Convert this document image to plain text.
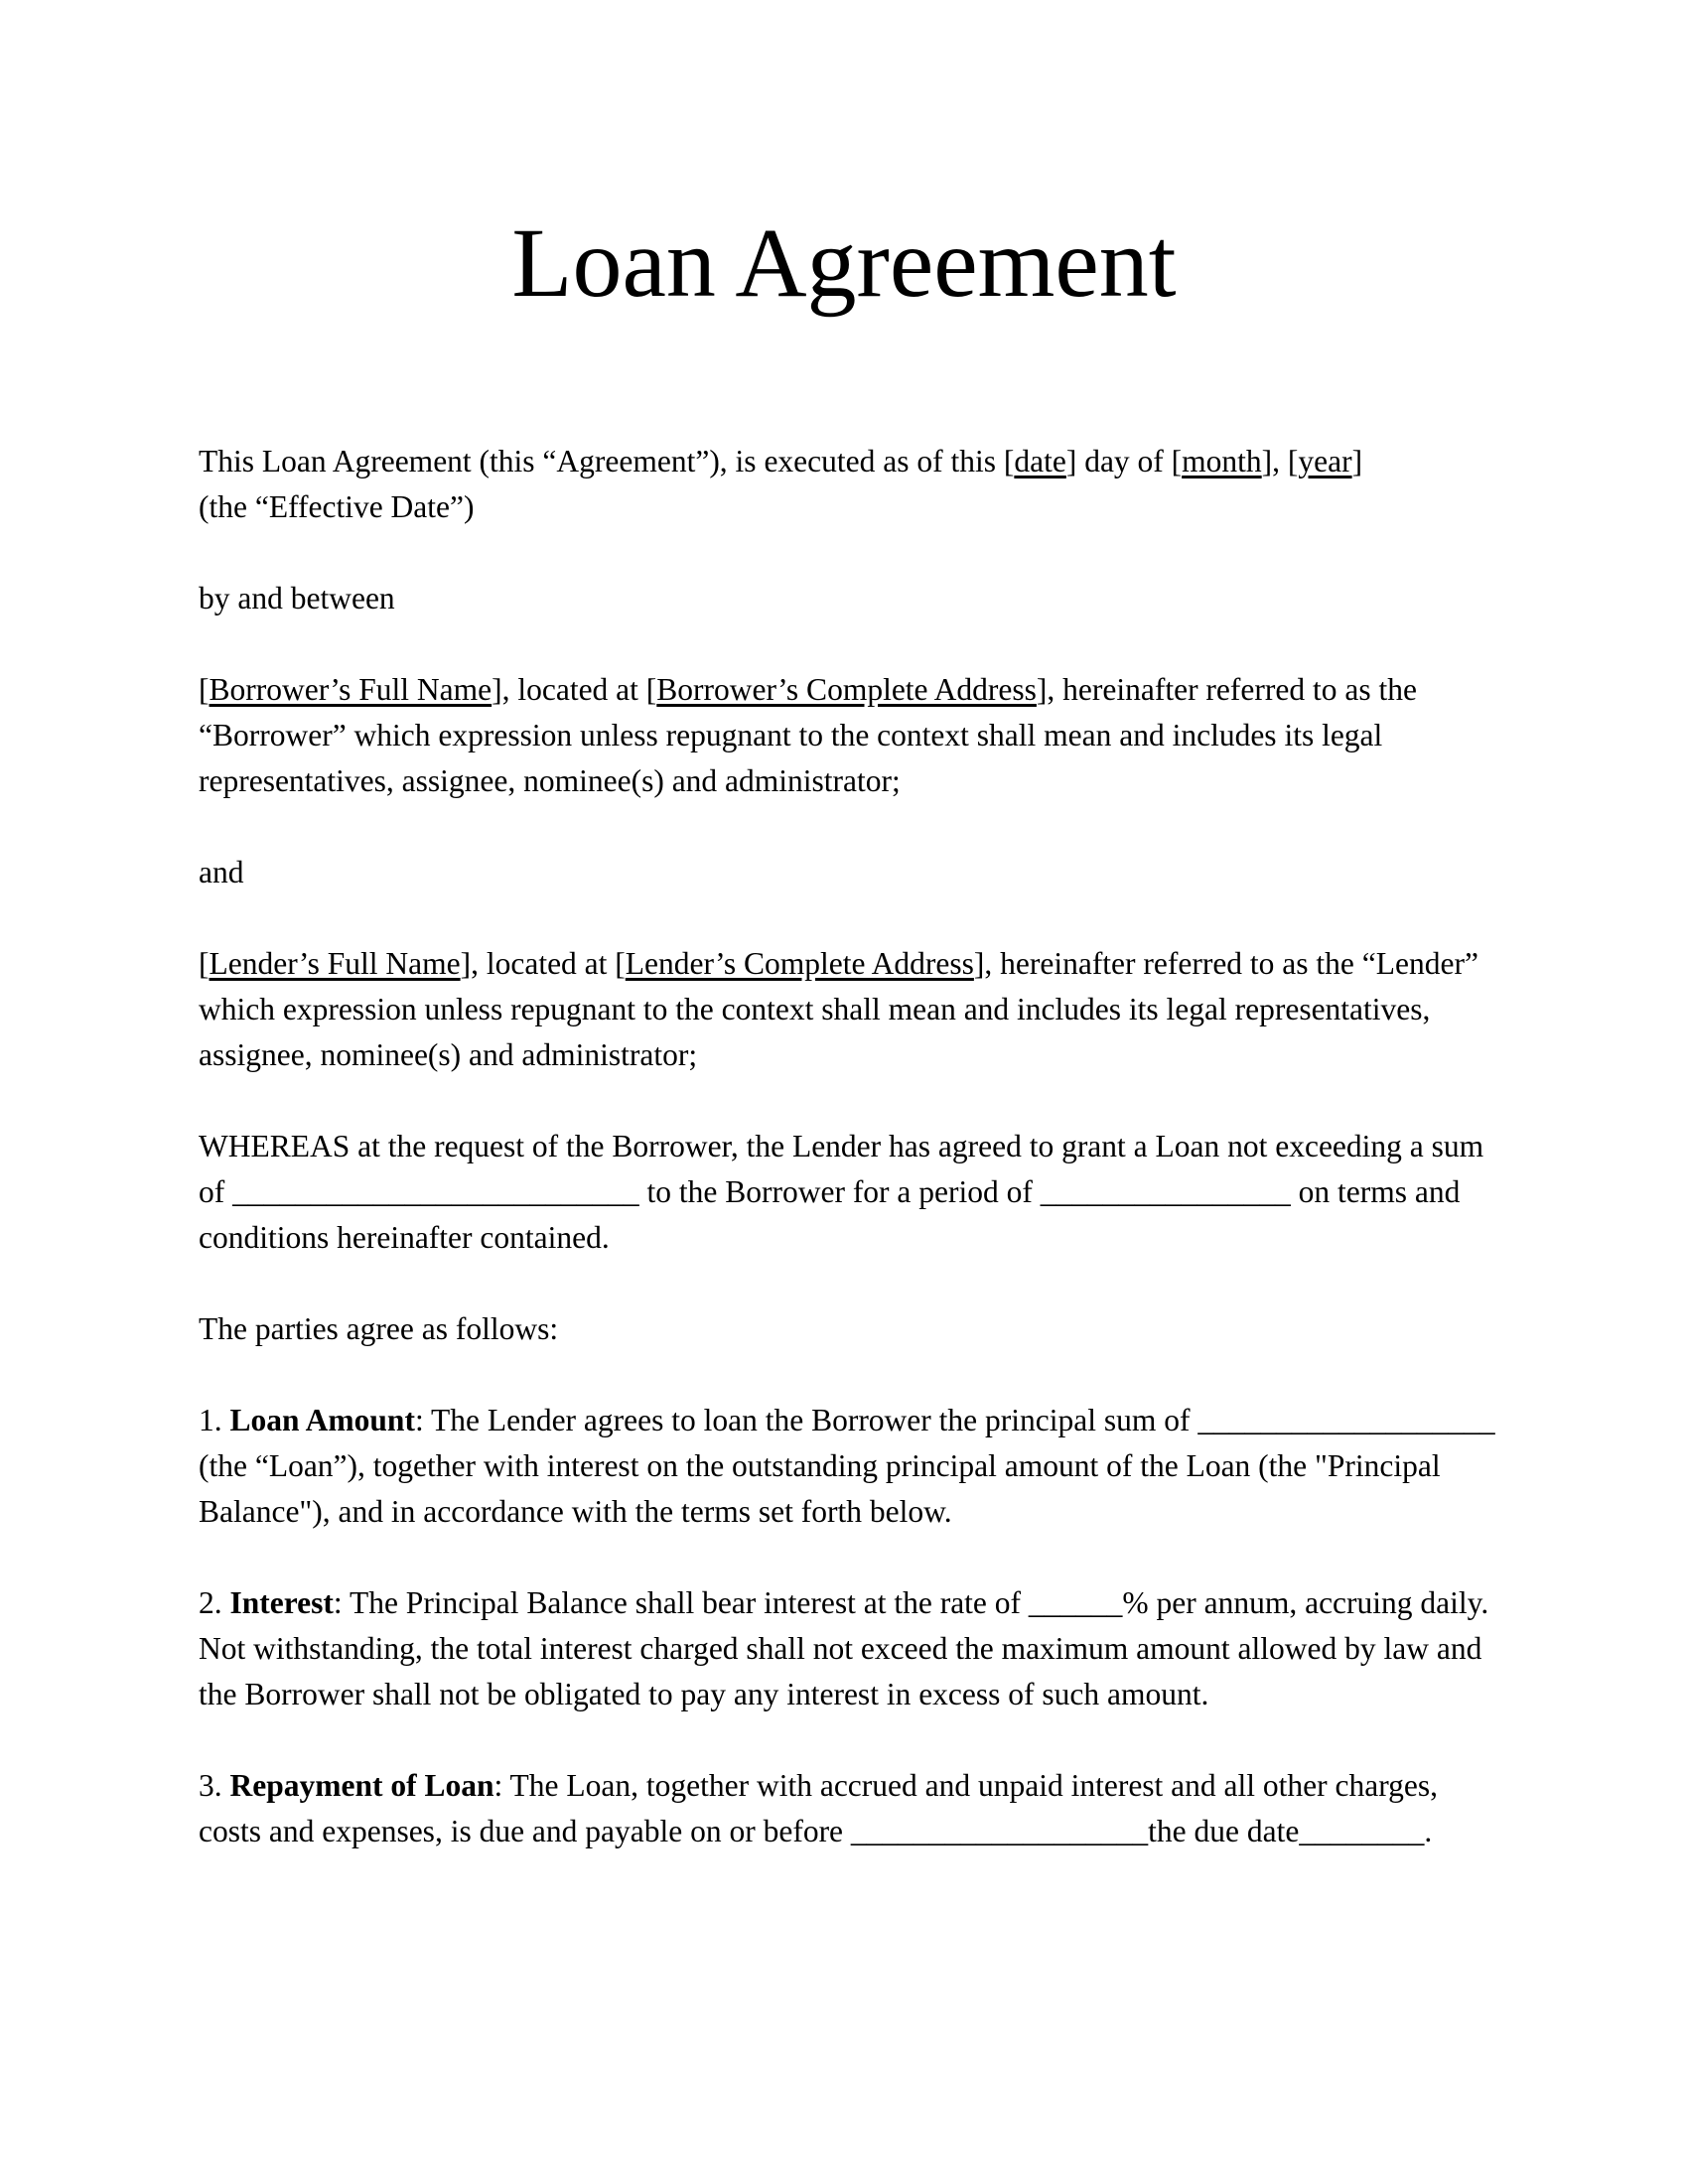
Loan Agreement

This Loan Agreement (this “Agreement”), is executed as of this [date] day of [month], [year]
(the “Effective Date”)

by and between

[Borrower’s Full Name], located at [Borrower’s Complete Address], hereinafter referred to as the “Borrower” which expression unless repugnant to the context shall mean and includes its legal representatives, assignee, nominee(s) and administrator;

and

[Lender’s Full Name], located at [Lender’s Complete Address], hereinafter referred to as the “Lender” which expression unless repugnant to the context shall mean and includes its legal representatives, assignee, nominee(s) and administrator;

WHEREAS at the request of the Borrower, the Lender has agreed to grant a Loan not exceeding a sum of __________________________ to the Borrower for a period of ________________ on terms and conditions hereinafter contained.

The parties agree as follows:

1. Loan Amount: The Lender agrees to loan the Borrower the principal sum of ___________________ (the “Loan”), together with interest on the outstanding principal amount of the Loan (the "Principal Balance"), and in accordance with the terms set forth below.

2. Interest: The Principal Balance shall bear interest at the rate of ______% per annum, accruing daily. Not withstanding, the total interest charged shall not exceed the maximum amount allowed by law and the Borrower shall not be obligated to pay any interest in excess of such amount.

3. Repayment of Loan: The Loan, together with accrued and unpaid interest and all other charges, costs and expenses, is due and payable on or before ___________________the due date________.
